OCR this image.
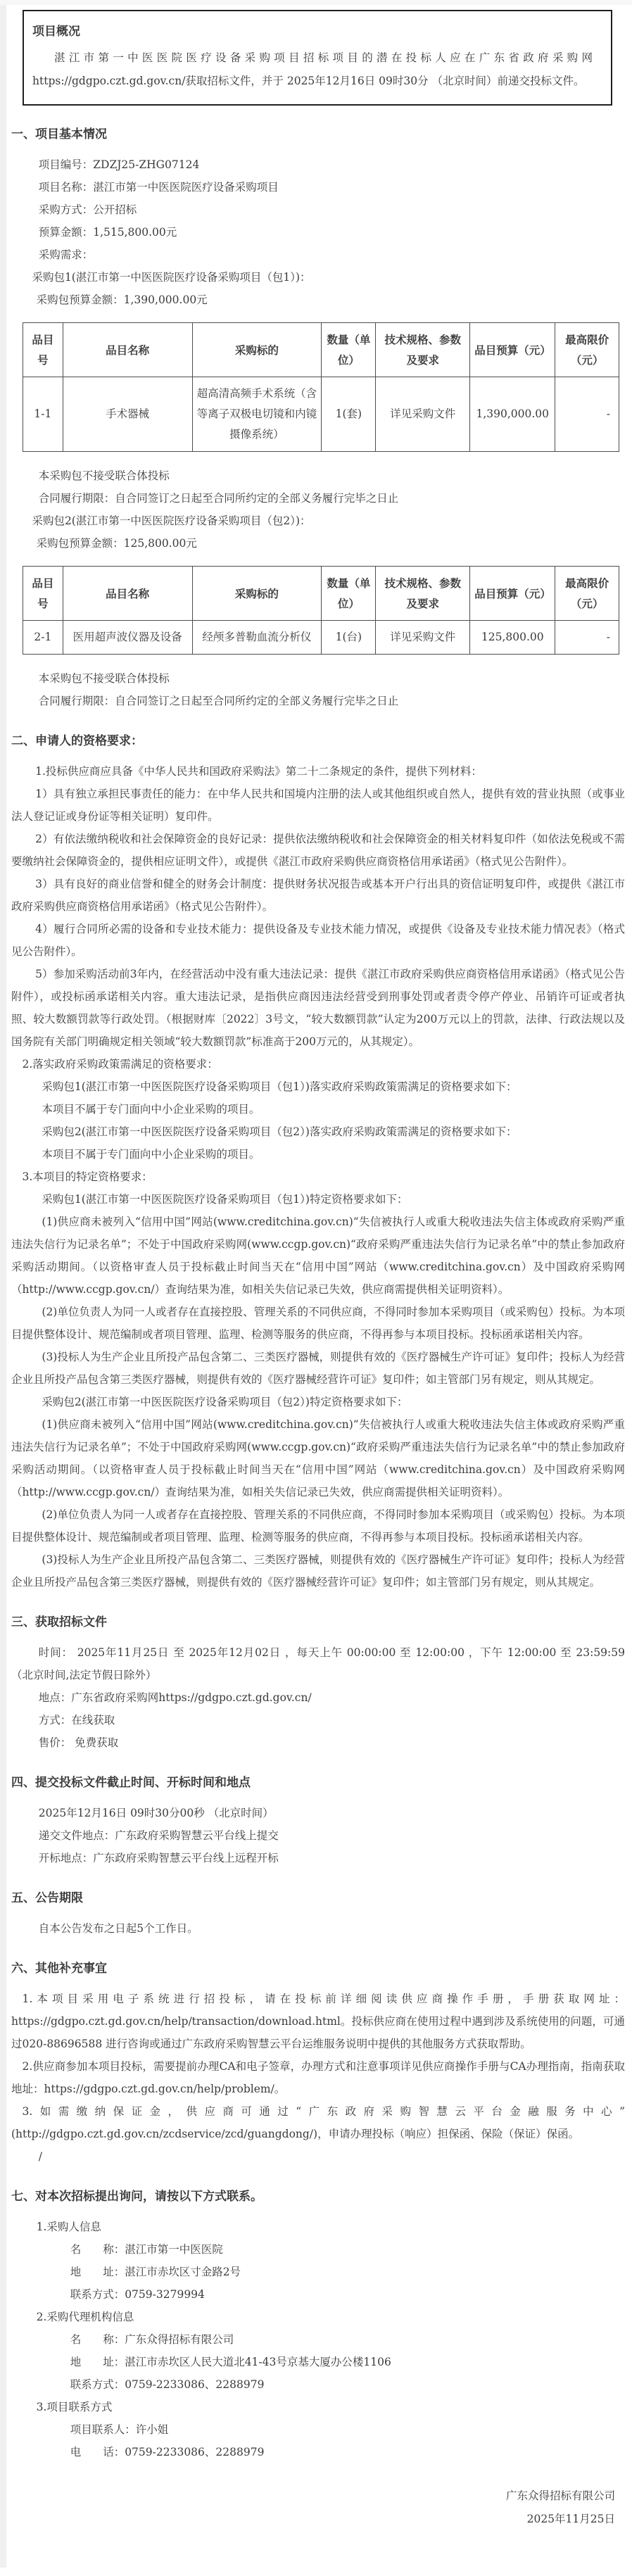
项目概况

湛江市第一中医医院医疗设备采购项目招标项目的潜在投标人应在广东省政府采购网https://gdgpo.czt.gd.gov.cn/获取招标文件，并于 2025年12月16日 09时30分 （北京时间）前递交投标文件。

一、项目基本情况

项目编号：ZDZJ25-ZHG07124

项目名称：湛江市第一中医医院医疗设备采购项目

采购方式：公开招标

预算金额：1,515,800.00元

采购需求：

采购包1(湛江市第一中医医院医疗设备采购项目（包1）)：

采购包预算金额：1,390,000.00元

品目号	品目名称	采购标的	数量（单位）	技术规格、参数及要求	品目预算（元）	最高限价（元）
1-1	手术器械	超高清高频手术系统（含等离子双极电切镜和内镜摄像系统）	1(套)	详见采购文件	1,390,000.00	-

本采购包不接受联合体投标

合同履行期限：自合同签订之日起至合同所约定的全部义务履行完毕之日止

采购包2(湛江市第一中医医院医疗设备采购项目（包2）)：

采购包预算金额：125,800.00元

品目号	品目名称	采购标的	数量（单位）	技术规格、参数及要求	品目预算（元）	最高限价（元）
2-1	医用超声波仪器及设备	经颅多普勒血流分析仪	1(台)	详见采购文件	125,800.00	-

本采购包不接受联合体投标

合同履行期限：自合同签订之日起至合同所约定的全部义务履行完毕之日止

二、申请人的资格要求：

1.投标供应商应具备《中华人民共和国政府采购法》第二十二条规定的条件，提供下列材料：

1）具有独立承担民事责任的能力：在中华人民共和国境内注册的法人或其他组织或自然人，提供有效的营业执照（或事业法人登记证或身份证等相关证明）复印件。

2）有依法缴纳税收和社会保障资金的良好记录：提供依法缴纳税收和社会保障资金的相关材料复印件（如依法免税或不需要缴纳社会保障资金的，提供相应证明文件），或提供《湛江市政府采购供应商资格信用承诺函》（格式见公告附件）。

3）具有良好的商业信誉和健全的财务会计制度：提供财务状况报告或基本开户行出具的资信证明复印件，或提供《湛江市政府采购供应商资格信用承诺函》（格式见公告附件）。

4）履行合同所必需的设备和专业技术能力：提供设备及专业技术能力情况，或提供《设备及专业技术能力情况表》（格式见公告附件）。

5）参加采购活动前3年内，在经营活动中没有重大违法记录：提供《湛江市政府采购供应商资格信用承诺函》（格式见公告附件），或投标函承诺相关内容。重大违法记录，是指供应商因违法经营受到刑事处罚或者责令停产停业、吊销许可证或者执照、较大数额罚款等行政处罚。（根据财库〔2022〕3号文，“较大数额罚款”认定为200万元以上的罚款，法律、行政法规以及国务院有关部门明确规定相关领域“较大数额罚款”标准高于200万元的，从其规定）。

2.落实政府采购政策需满足的资格要求：

采购包1(湛江市第一中医医院医疗设备采购项目（包1）)落实政府采购政策需满足的资格要求如下：

本项目不属于专门面向中小企业采购的项目。

采购包2(湛江市第一中医医院医疗设备采购项目（包2）)落实政府采购政策需满足的资格要求如下：

本项目不属于专门面向中小企业采购的项目。

3.本项目的特定资格要求：

采购包1(湛江市第一中医医院医疗设备采购项目（包1）)特定资格要求如下：

(1)供应商未被列入“信用中国”网站(www.creditchina.gov.cn)“失信被执行人或重大税收违法失信主体或政府采购严重违法失信行为记录名单”；不处于中国政府采购网(www.ccgp.gov.cn)“政府采购严重违法失信行为记录名单”中的禁止参加政府采购活动期间。（以资格审查人员于投标截止时间当天在“信用中国”网站（www.creditchina.gov.cn）及中国政府采购网（http://www.ccgp.gov.cn/）查询结果为准，如相关失信记录已失效，供应商需提供相关证明资料）。

(2)单位负责人为同一人或者存在直接控股、管理关系的不同供应商，不得同时参加本采购项目（或采购包）投标。为本项目提供整体设计、规范编制或者项目管理、监理、检测等服务的供应商，不得再参与本项目投标。投标函承诺相关内容。

(3)投标人为生产企业且所投产品包含第二、三类医疗器械，则提供有效的《医疗器械生产许可证》复印件；投标人为经营企业且所投产品包含第三类医疗器械，则提供有效的《医疗器械经营许可证》复印件；如主管部门另有规定，则从其规定。

采购包2(湛江市第一中医医院医疗设备采购项目（包2）)特定资格要求如下：

(1)供应商未被列入“信用中国”网站(www.creditchina.gov.cn)“失信被执行人或重大税收违法失信主体或政府采购严重违法失信行为记录名单”；不处于中国政府采购网(www.ccgp.gov.cn)“政府采购严重违法失信行为记录名单”中的禁止参加政府采购活动期间。（以资格审查人员于投标截止时间当天在“信用中国”网站（www.creditchina.gov.cn）及中国政府采购网（http://www.ccgp.gov.cn/）查询结果为准，如相关失信记录已失效，供应商需提供相关证明资料）。

(2)单位负责人为同一人或者存在直接控股、管理关系的不同供应商，不得同时参加本采购项目（或采购包）投标。为本项目提供整体设计、规范编制或者项目管理、监理、检测等服务的供应商，不得再参与本项目投标。投标函承诺相关内容。

(3)投标人为生产企业且所投产品包含第二、三类医疗器械，则提供有效的《医疗器械生产许可证》复印件；投标人为经营企业且所投产品包含第三类医疗器械，则提供有效的《医疗器械经营许可证》复印件；如主管部门另有规定，则从其规定。

三、获取招标文件

时间： 2025年11月25日 至 2025年12月02日 ，每天上午 00:00:00 至 12:00:00 ，下午 12:00:00 至 23:59:59 （北京时间,法定节假日除外）

地点：广东省政府采购网https://gdgpo.czt.gd.gov.cn/

方式：在线获取

售价： 免费获取

四、提交投标文件截止时间、开标时间和地点

2025年12月16日 09时30分00秒 （北京时间）

递交文件地点：广东政府采购智慧云平台线上提交

开标地点：广东政府采购智慧云平台线上远程开标

五、公告期限

自本公告发布之日起5个工作日。

六、其他补充事宜

1.本项目采用电子系统进行招投标，请在投标前详细阅读供应商操作手册，手册获取网址：https://gdgpo.czt.gd.gov.cn/help/transaction/download.html。投标供应商在使用过程中遇到涉及系统使用的问题，可通过020-88696588 进行咨询或通过广东政府采购智慧云平台运维服务说明中提供的其他服务方式获取帮助。

2.供应商参加本项目投标，需要提前办理CA和电子签章，办理方式和注意事项详见供应商操作手册与CA办理指南，指南获取地址：https://gdgpo.czt.gd.gov.cn/help/problem/。

3.如需缴纳保证金，供应商可通过“广东政府采购智慧云平台金融服务中心”(http://gdgpo.czt.gd.gov.cn/zcdservice/zcd/guangdong/)，申请办理投标（响应）担保函、保险（保证）保函。

/

七、对本次招标提出询问，请按以下方式联系。

1.采购人信息

名　　称：湛江市第一中医医院

地　　址：湛江市赤坎区寸金路2号

联系方式：0759-3279994

2.采购代理机构信息

名　　称：广东众得招标有限公司

地　　址：湛江市赤坎区人民大道北41-43号京基大厦办公楼1106

联系方式：0759-2233086、2288979

3.项目联系方式

项目联系人：许小姐

电　　话：0759-2233086、2288979

广东众得招标有限公司

2025年11月25日
